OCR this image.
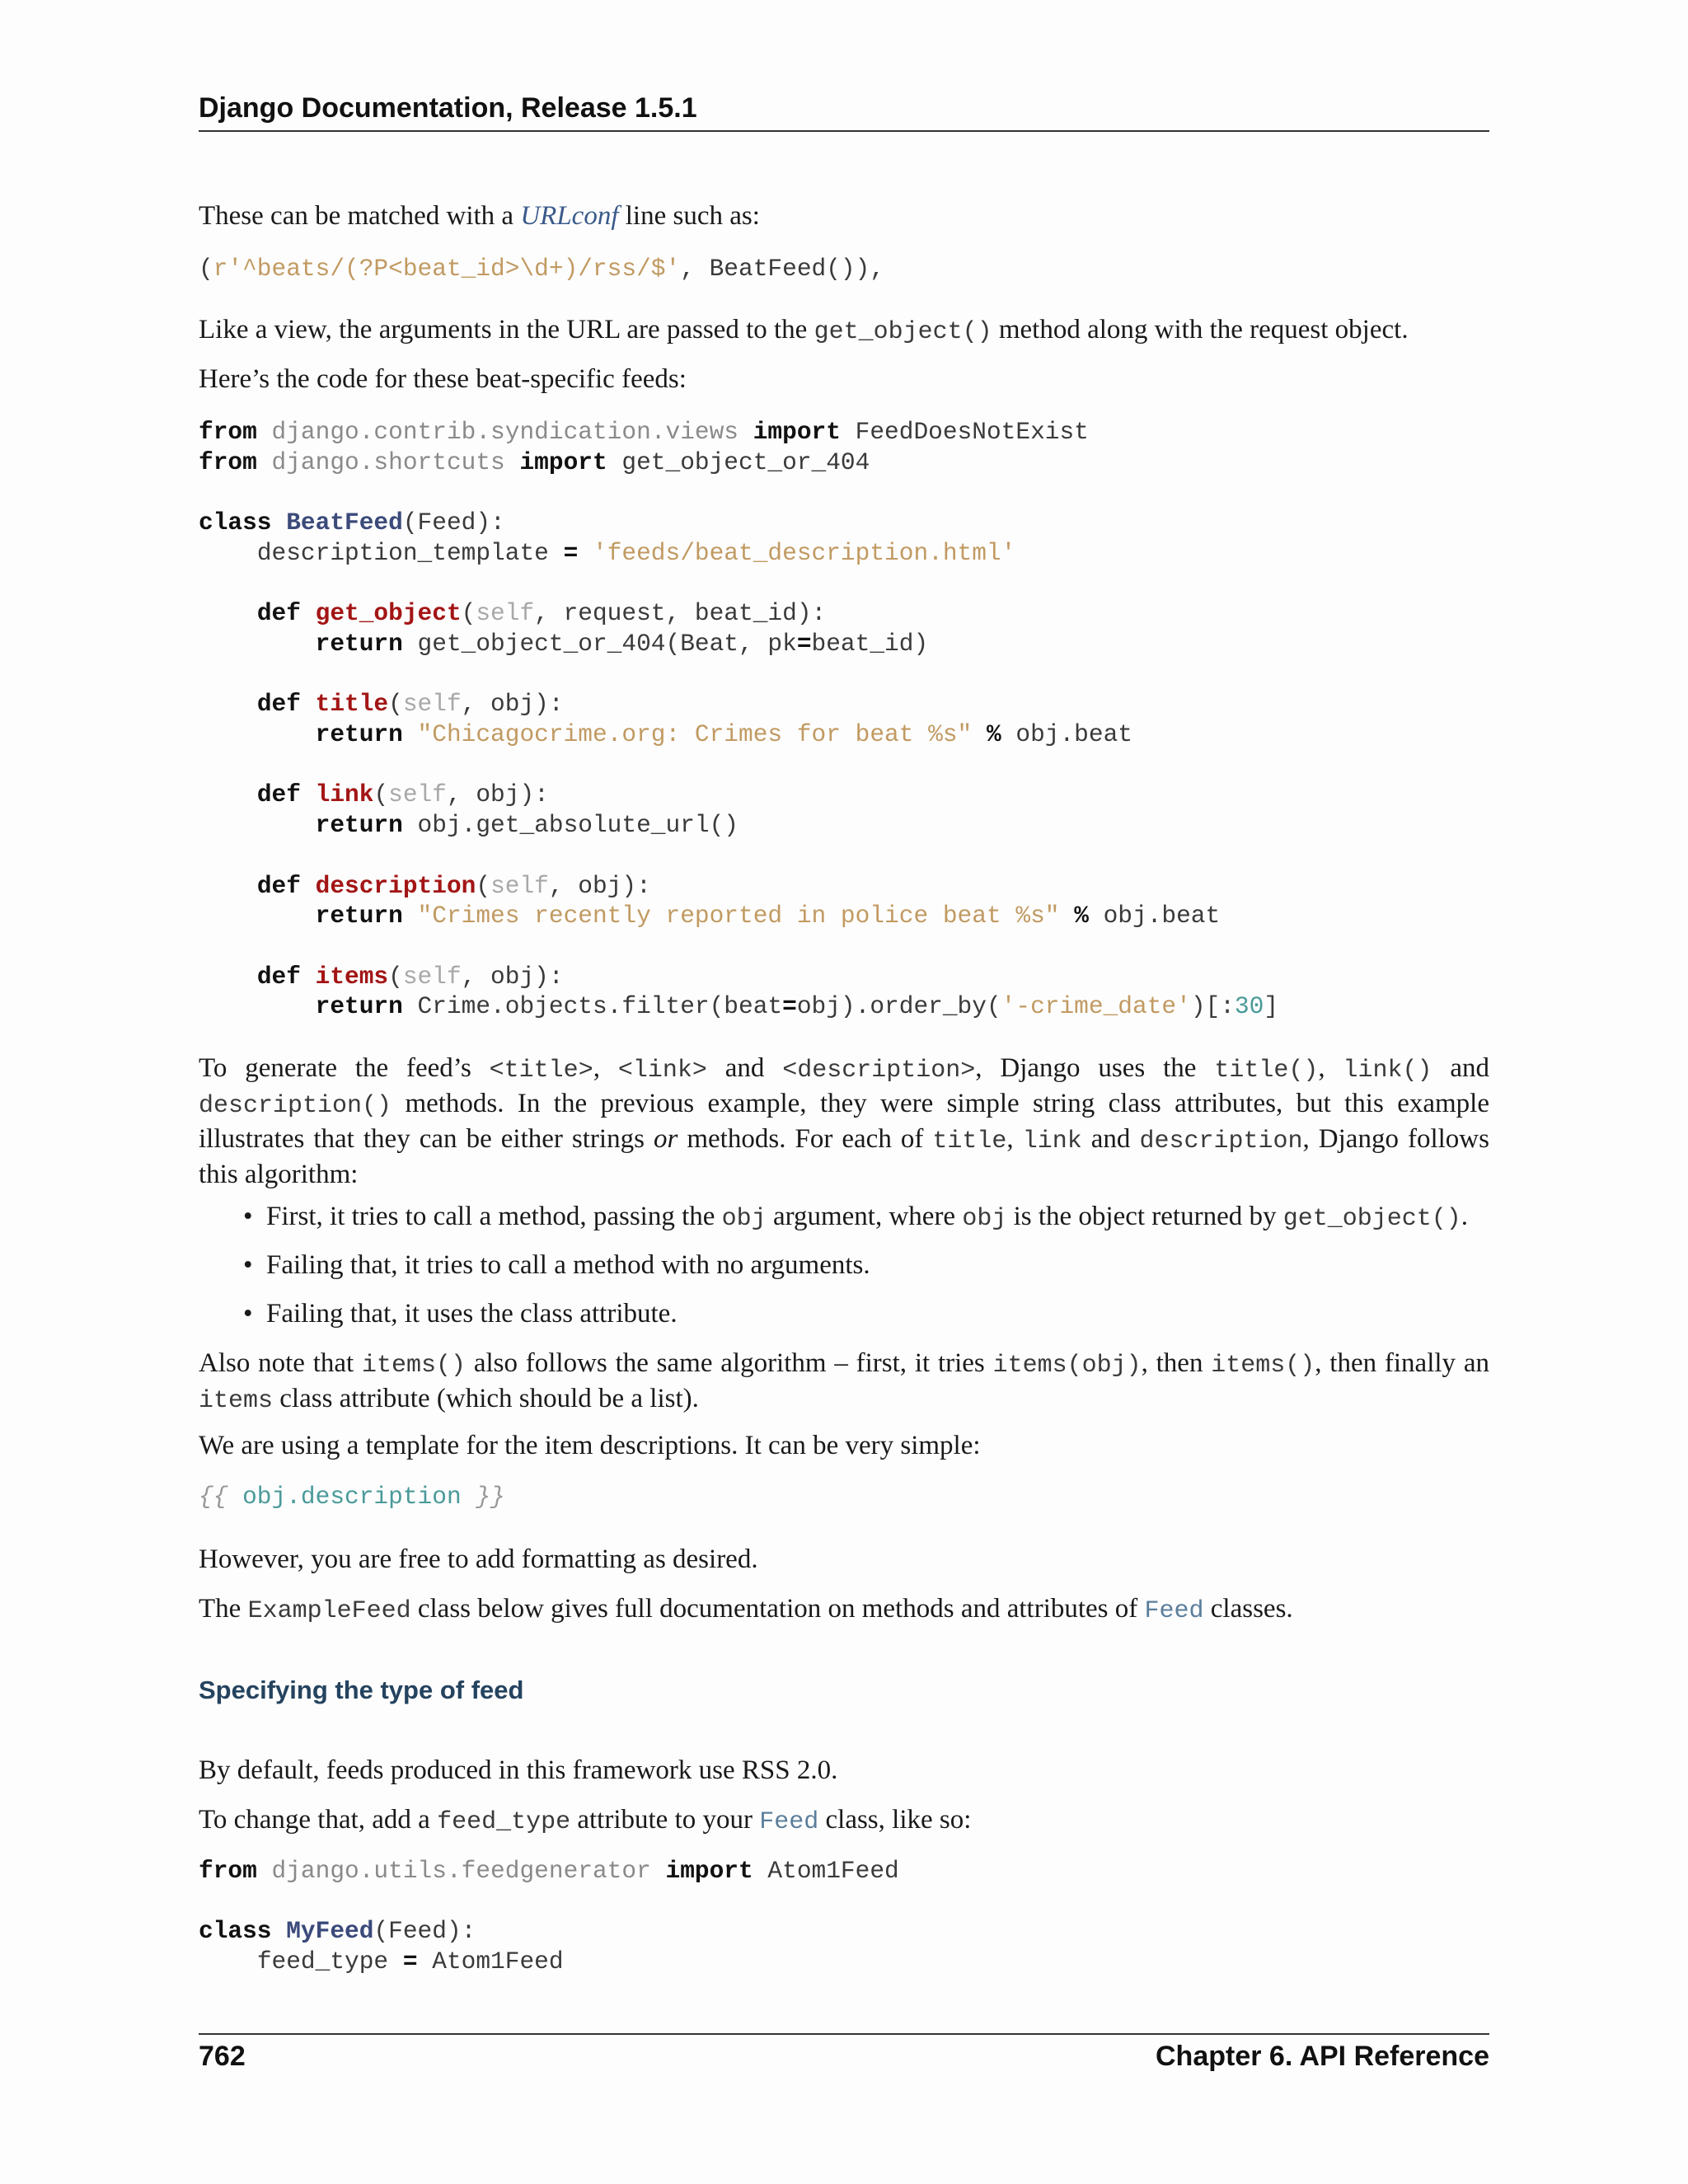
Django Documentation, Release 1.5.1

These can be matched with a URLconf line such as:

(r'^beats/(?P<beat_id>\d+)/rss/$', BeatFeed()),

Like a view, the arguments in the URL are passed to the get_object() method along with the request object.

Here’s the code for these beat-specific feeds:

from django.contrib.syndication.views import FeedDoesNotExist
from django.shortcuts import get_object_or_404

class BeatFeed(Feed):
description_template = 'feeds/beat_description.html'

def get_object(self, request, beat_id):
return get_object_or_404(Beat, pk=beat_id)

def title(self, obj):
return "Chicagocrime.org: Crimes for beat %s" % obj.beat

def link(self, obj):
return obj.get_absolute_url()

def description(self, obj):
return "Crimes recently reported in police beat %s" % obj.beat

def items(self, obj):
return Crime.objects.filter(beat=obj).order_by('-crime_date')[:30]

To generate the feed’s <title>, <link> and <description>, Django uses the title(), link() and description() methods. In the previous example, they were simple string class attributes, but this example illustrates that they can be either strings or methods. For each of title, link and description, Django follows this algorithm:

• First, it tries to call a method, passing the obj argument, where obj is the object returned by get_object().
• Failing that, it tries to call a method with no arguments.
• Failing that, it uses the class attribute.

Also note that items() also follows the same algorithm – first, it tries items(obj), then items(), then finally an items class attribute (which should be a list).

We are using a template for the item descriptions. It can be very simple:

{{ obj.description }}

However, you are free to add formatting as desired.

The ExampleFeed class below gives full documentation on methods and attributes of Feed classes.

Specifying the type of feed

By default, feeds produced in this framework use RSS 2.0.

To change that, add a feed_type attribute to your Feed class, like so:

from django.utils.feedgenerator import Atom1Feed

class MyFeed(Feed):
feed_type = Atom1Feed
762	Chapter 6. API Reference
